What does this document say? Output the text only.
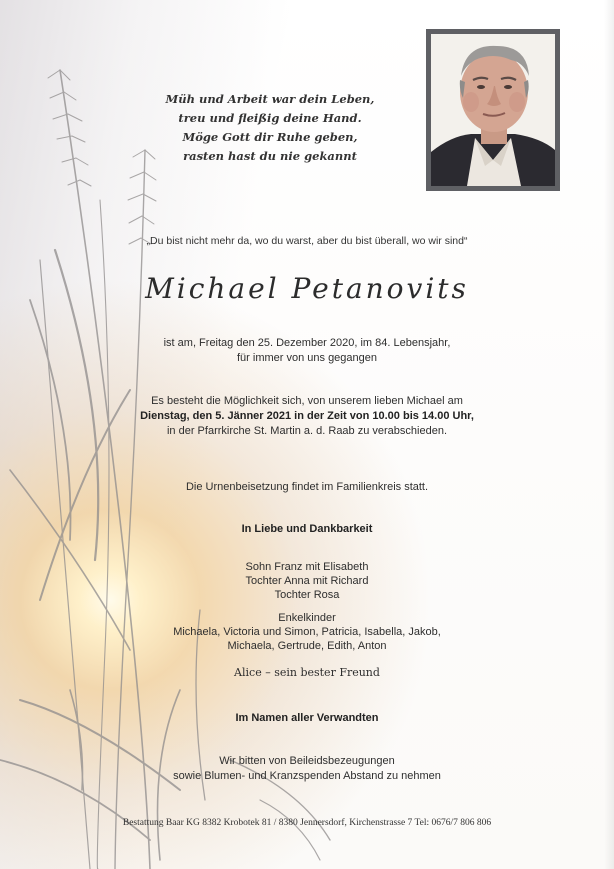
Müh und Arbeit war dein Leben,
treu und fleißig deine Hand.
Möge Gott dir Ruhe geben,
rasten hast du nie gekannt
„Du bist nicht mehr da, wo du warst, aber du bist überall, wo wir sind“
Michael Petanovits
ist am, Freitag den 25. Dezember 2020, im 84. Lebensjahr,
für immer von uns gegangen
Es besteht die Möglichkeit sich, von unserem lieben Michael am
Dienstag, den 5. Jänner 2021 in der Zeit von 10.00 bis 14.00 Uhr,
in der Pfarrkirche St. Martin a. d. Raab zu verabschieden.
Die Urnenbeisetzung findet im Familienkreis statt.
In Liebe und Dankbarkeit
Sohn Franz mit Elisabeth
Tochter Anna mit Richard
Tochter Rosa
Enkelkinder
Michaela, Victoria und Simon, Patricia, Isabella, Jakob,
Michaela, Gertrude, Edith, Anton
Alice – sein bester Freund
Im Namen aller Verwandten
Wir bitten von Beileidsbezeugungen
sowie Blumen- und Kranzspenden Abstand zu nehmen
Bestattung Baar KG 8382 Krobotek 81 / 8380 Jennersdorf, Kirchenstrasse 7 Tel: 0676/7 806 806
